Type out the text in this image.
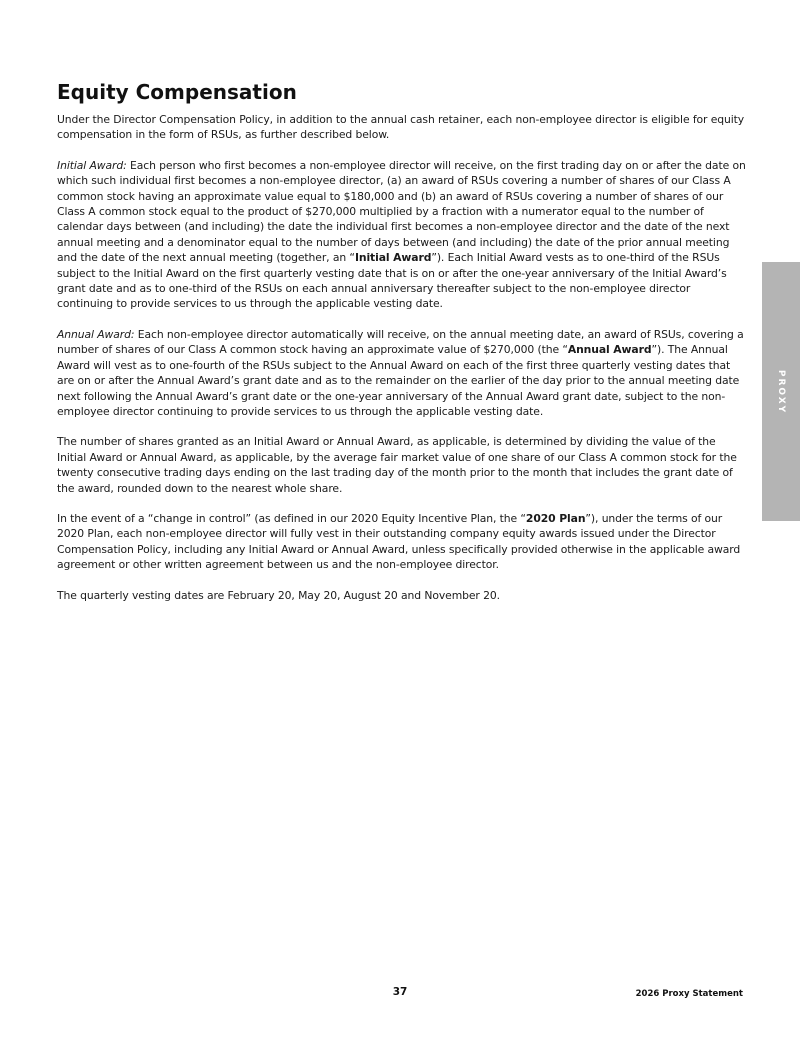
Equity Compensation

Under the Director Compensation Policy, in addition to the annual cash retainer, each non-employee director is eligible for equity compensation in the form of RSUs, as further described below.

Initial Award: Each person who first becomes a non-employee director will receive, on the first trading day on or after the date on which such individual first becomes a non-employee director, (a) an award of RSUs covering a number of shares of our Class A common stock having an approximate value equal to $180,000 and (b) an award of RSUs covering a number of shares of our Class A common stock equal to the product of $270,000 multiplied by a fraction with a numerator equal to the number of calendar days between (and including) the date the individual first becomes a non-employee director and the date of the next annual meeting and a denominator equal to the number of days between (and including) the date of the prior annual meeting and the date of the next annual meeting (together, an “Initial Award”). Each Initial Award vests as to one-third of the RSUs subject to the Initial Award on the first quarterly vesting date that is on or after the one-year anniversary of the Initial Award’s grant date and as to one-third of the RSUs on each annual anniversary thereafter subject to the non-employee director continuing to provide services to us through the applicable vesting date.

Annual Award: Each non-employee director automatically will receive, on the annual meeting date, an award of RSUs, covering a number of shares of our Class A common stock having an approximate value of $270,000 (the “Annual Award”). The Annual Award will vest as to one-fourth of the RSUs subject to the Annual Award on each of the first three quarterly vesting dates that are on or after the Annual Award’s grant date and as to the remainder on the earlier of the day prior to the annual meeting date next following the Annual Award’s grant date or the one-year anniversary of the Annual Award grant date, subject to the non-employee director continuing to provide services to us through the applicable vesting date.

The number of shares granted as an Initial Award or Annual Award, as applicable, is determined by dividing the value of the Initial Award or Annual Award, as applicable, by the average fair market value of one share of our Class A common stock for the twenty consecutive trading days ending on the last trading day of the month prior to the month that includes the grant date of the award, rounded down to the nearest whole share.

In the event of a “change in control” (as defined in our 2020 Equity Incentive Plan, the “2020 Plan”), under the terms of our 2020 Plan, each non-employee director will fully vest in their outstanding company equity awards issued under the Director Compensation Policy, including any Initial Award or Annual Award, unless specifically provided otherwise in the applicable award agreement or other written agreement between us and the non-employee director.

The quarterly vesting dates are February 20, May 20, August 20 and November 20.

PROXY
37	2026 Proxy Statement
